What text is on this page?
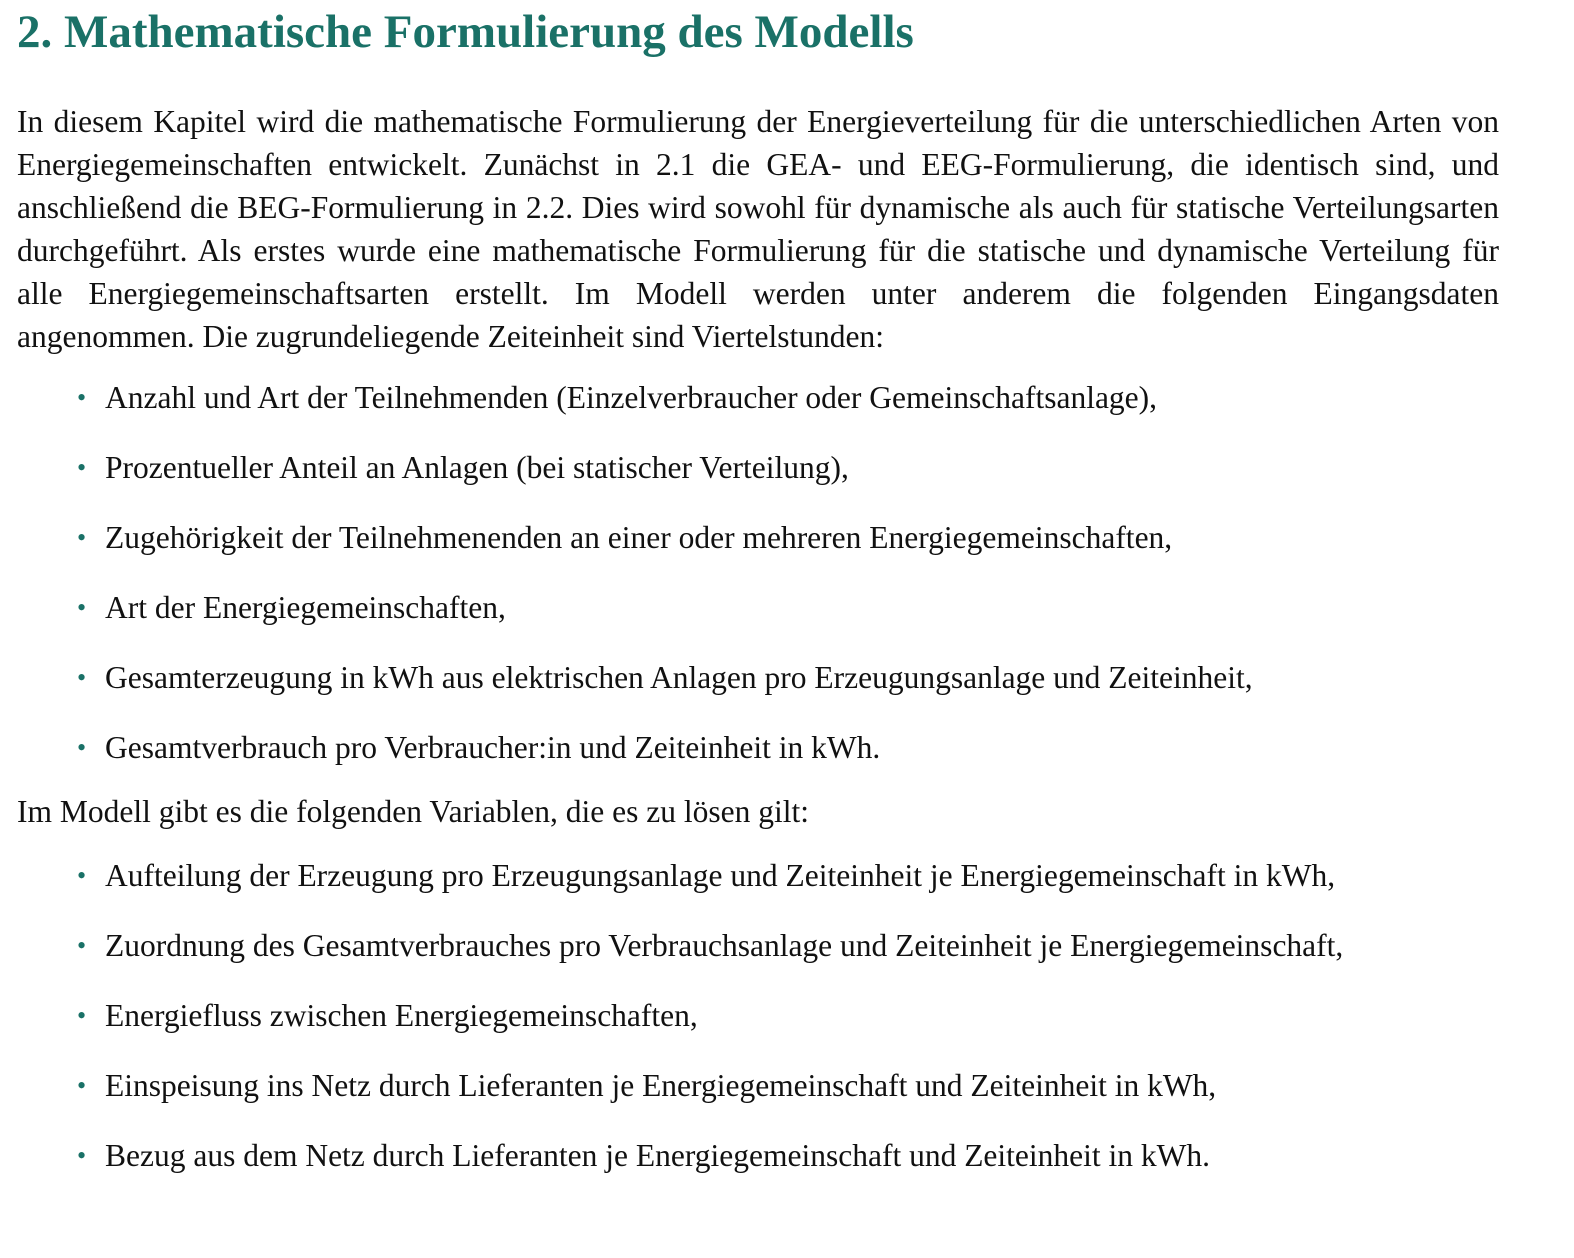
2. Mathematische Formulierung des Modells

In diesem Kapitel wird die mathematische Formulierung der Energieverteilung für die unterschiedlichen Arten von Energiegemeinschaften entwickelt. Zunächst in 2.1 die GEA- und EEG-Formulierung, die identisch sind, und anschließend die BEG-Formulierung in 2.2. Dies wird sowohl für dynamische als auch für statische Verteilungsarten durchgeführt. Als erstes wurde eine mathematische Formulierung für die statische und dynamische Verteilung für alle Energiegemeinschaftsarten erstellt. Im Modell werden unter anderem die folgenden Eingangsdaten angenommen. Die zugrundeliegende Zeiteinheit sind Viertelstunden:

• Anzahl und Art der Teilnehmenden (Einzelverbraucher oder Gemeinschaftsanlage),
• Prozentueller Anteil an Anlagen (bei statischer Verteilung),
• Zugehörigkeit der Teilnehmenenden an einer oder mehreren Energiegemeinschaften,
• Art der Energiegemeinschaften,
• Gesamterzeugung in kWh aus elektrischen Anlagen pro Erzeugungsanlage und Zeiteinheit,
• Gesamtverbrauch pro Verbraucher:in und Zeiteinheit in kWh.

Im Modell gibt es die folgenden Variablen, die es zu lösen gilt:

• Aufteilung der Erzeugung pro Erzeugungsanlage und Zeiteinheit je Energiegemeinschaft in kWh,
• Zuordnung des Gesamtverbrauches pro Verbrauchsanlage und Zeiteinheit je Energiegemeinschaft,
• Energiefluss zwischen Energiegemeinschaften,
• Einspeisung ins Netz durch Lieferanten je Energiegemeinschaft und Zeiteinheit in kWh,
• Bezug aus dem Netz durch Lieferanten je Energiegemeinschaft und Zeiteinheit in kWh.
